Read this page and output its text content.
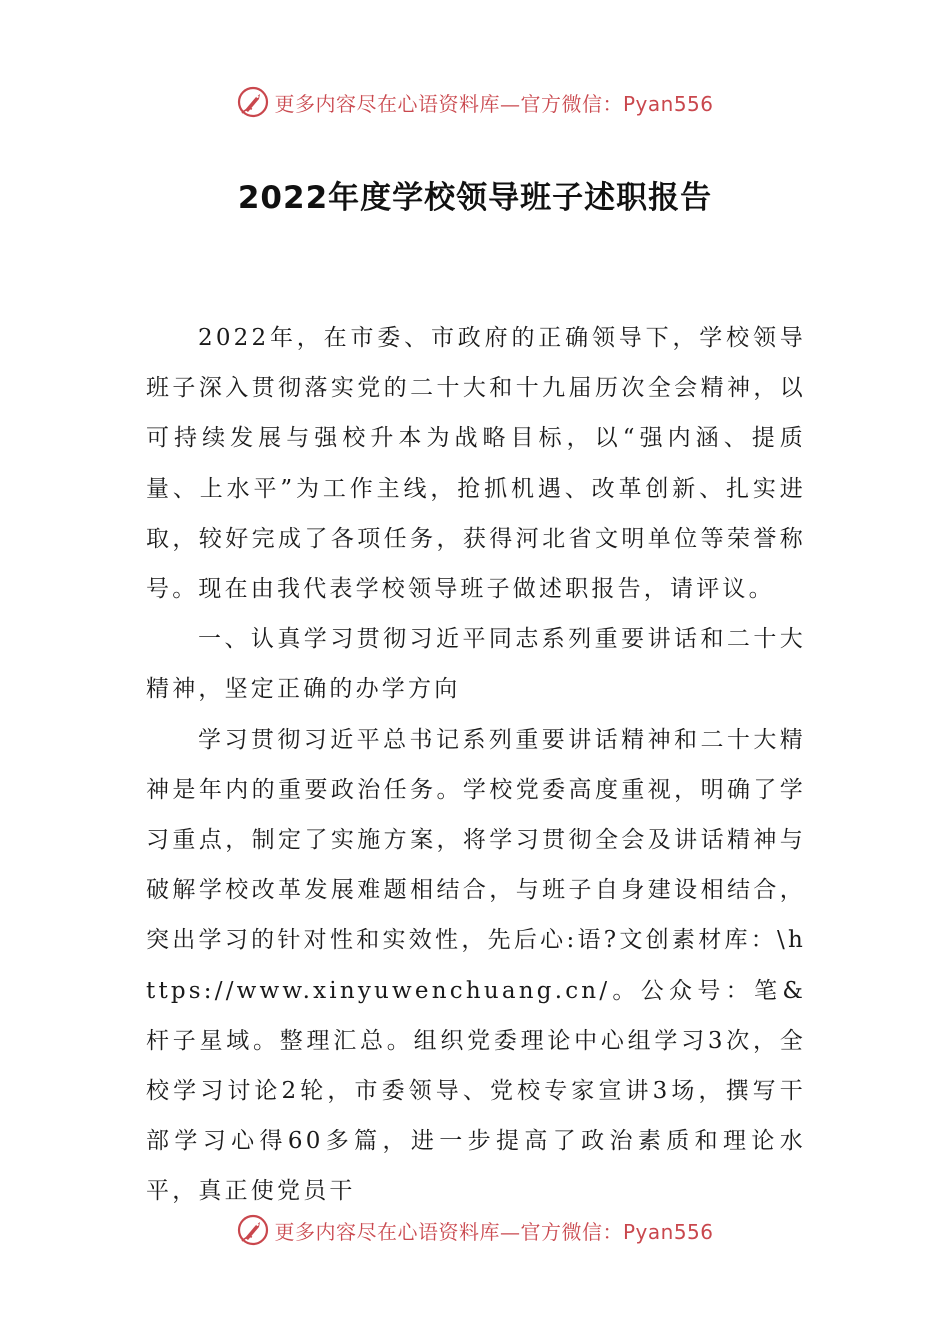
更多内容尽在心语资料库—官方微信：Pyan556
2022年度学校领导班子述职报告

2022年，在市委、市政府的正确领导下，学校领导班子深入贯彻落实党的二十大和十九届历次全会精神，以可持续发展与强校升本为战略目标，以“强内涵、提质量、上水平”为工作主线，抢抓机遇、改革创新、扎实进取，较好完成了各项任务，获得河北省文明单位等荣誉称号。现在由我代表学校领导班子做述职报告，请评议。

一、认真学习贯彻习近平同志系列重要讲话和二十大精神，坚定正确的办学方向

学习贯彻习近平总书记系列重要讲话精神和二十大精神是年内的重要政治任务。学校党委高度重视，明确了学习重点，制定了实施方案，将学习贯彻全会及讲话精神与破解学校改革发展难题相结合，与班子自身建设相结合，突出学习的针对性和实效性，先后心:语?文创素材库：\https://www.xinyuwenchuang.cn/。公众号：笔&杆子星域。整理汇总。组织党委理论中心组学习3次，全校学习讨论2轮，市委领导、党校专家宣讲3场，撰写干部学习心得60多篇，进一步提高了政治素质和理论水平，真正使党员干

更多内容尽在心语资料库—官方微信：Pyan556
